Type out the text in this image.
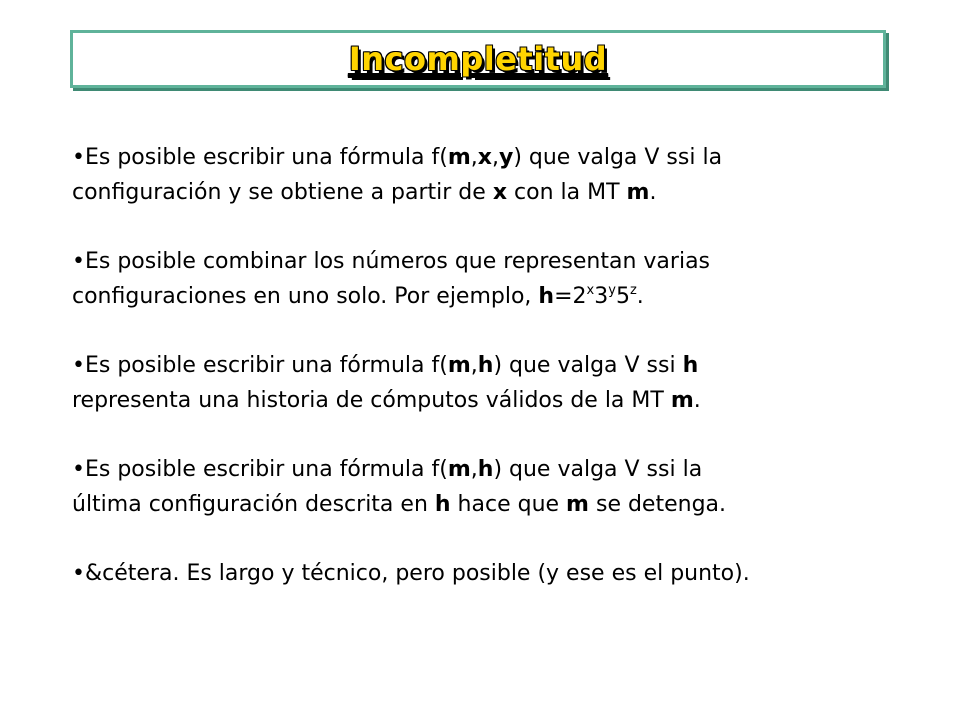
Incompletitud
•Es posible escribir una fórmula f(m,x,y) que valga V ssi la
configuración y se obtiene a partir de x con la MT m.
•Es posible combinar los números que representan varias
configuraciones en uno solo. Por ejemplo, $h=2^x3^y5^z$.
•Es posible escribir una fórmula f(m,h) que valga V ssi h
representa una historia de cómputos válidos de la MT m.
•Es posible escribir una fórmula f(m,h) que valga V ssi la
última configuración descrita en h hace que m se detenga.
•&cétera. Es largo y técnico, pero posible (y ese es el punto).
